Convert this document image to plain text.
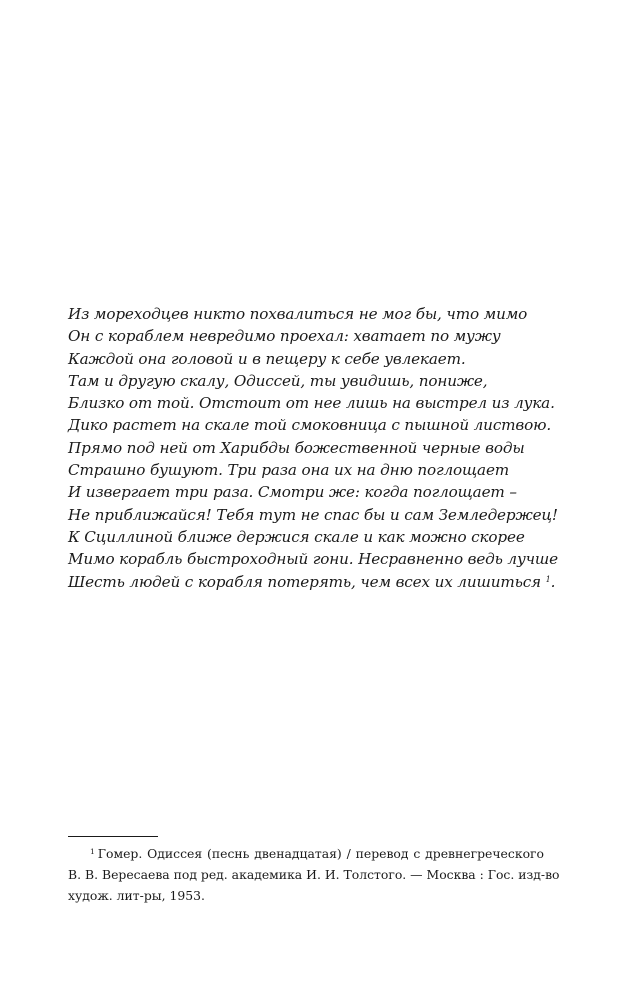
Из мореходцев никто похвалиться не мог бы, что мимо
Он с кораблем невредимо проехал: хватает по мужу
Каждой она головой и в пещеру к себе увлекает.
Там и другую скалу, Одиссей, ты увидишь, пониже,
Близко от той. Отстоит от нее лишь на выстрел из лука.
Дико растет на скале той смоковница с пышной листвою.
Прямо под ней от Харибды божественной черные воды
Страшно бушуют. Три раза она их на дню поглощает
И извергает три раза. Смотри же: когда поглощает –
Не приближайся! Тебя тут не спас бы и сам Земледержец!
К Сциллиной ближе держися скале и как можно скорее
Мимо корабль быстроходный гони. Несравненно ведь лучше
Шесть людей с корабля потерять, чем всех их лишиться $^1$.
$^1$ Гомер. Одиссея (песнь двенадцатая) / перевод с древнегреческого
В. В. Вересаева под ред. академика И. И. Толстого. — Москва : Гос. изд-во
худож. лит-ры, 1953.
